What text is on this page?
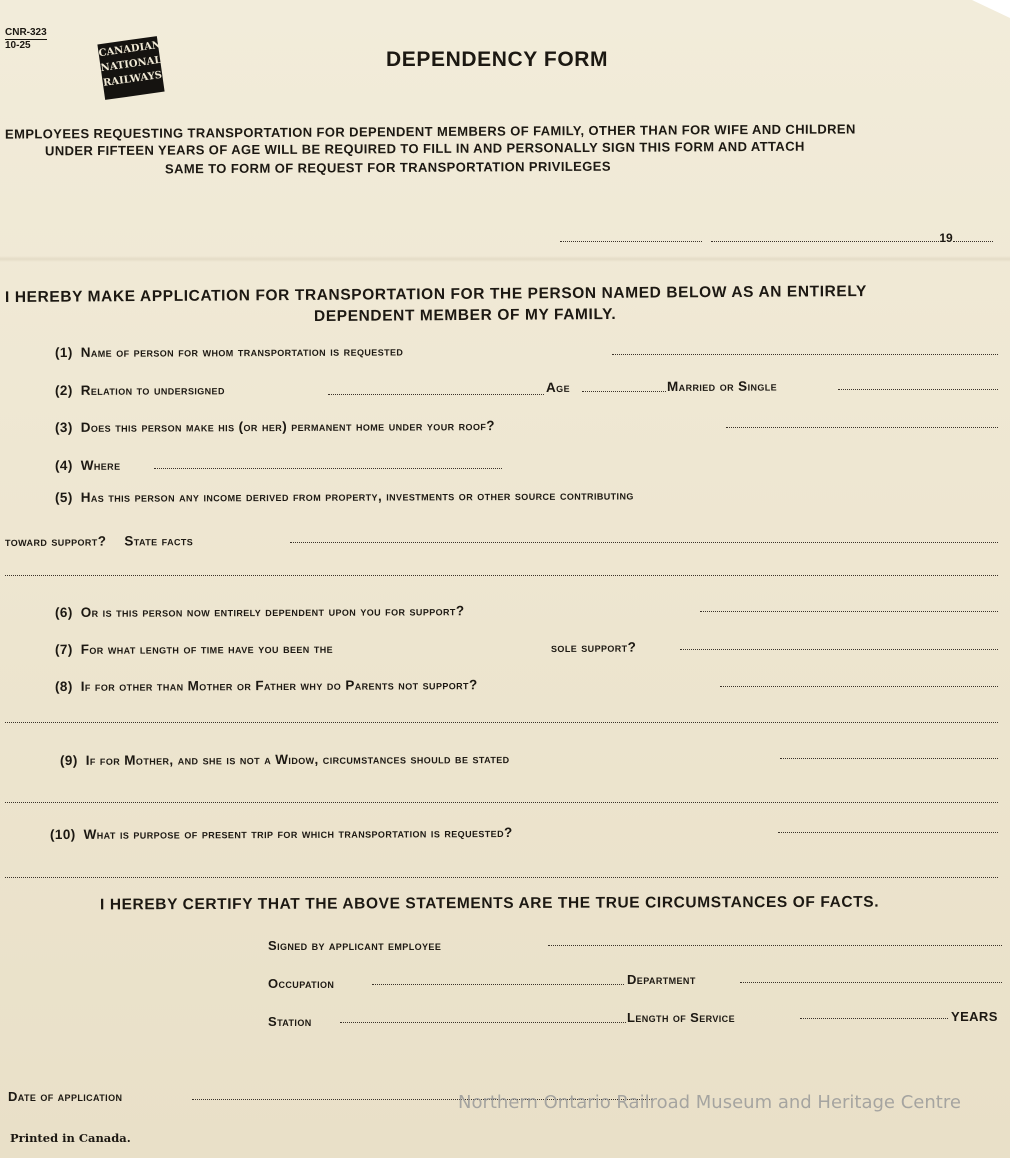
CNR-323
10-25	CANADIAN
NATIONAL
RAILWAYS
DEPENDENCY FORM
EMPLOYEES REQUESTING TRANSPORTATION FOR DEPENDENT MEMBERS OF FAMILY, OTHER THAN FOR WIFE AND CHILDREN
UNDER FIFTEEN YEARS OF AGE WILL BE REQUIRED TO FILL IN AND PERSONALLY SIGN THIS FORM AND ATTACH
SAME TO FORM OF REQUEST FOR TRANSPORTATION PRIVILEGES
19
I HEREBY MAKE APPLICATION FOR TRANSPORTATION FOR THE PERSON NAMED BELOW AS AN ENTIRELY
DEPENDENT MEMBER OF MY FAMILY.
(1) Name of person for whom transportation is requested
(2) Relation to undersigned	Age	Married or Single
(3) Does this person make his (or her) permanent home under your roof?
(4) Where
(5) Has this person any income derived from property, investments or other source contributing
toward support? State facts
(6) Or is this person now entirely dependent upon you for support?
(7) For what length of time have you been the	sole support?
(8) If for other than Mother or Father why do Parents not support?
(9) If for Mother, and she is not a Widow, circumstances should be stated
(10) What is purpose of present trip for which transportation is requested?
I HEREBY CERTIFY THAT THE ABOVE STATEMENTS ARE THE TRUE CIRCUMSTANCES OF FACTS.
Signed by applicant employee
Occupation	Department
Station	Length of Service	YEARS
Date of application
Printed in Canada.
Northern Ontario Railroad Museum and Heritage Centre
